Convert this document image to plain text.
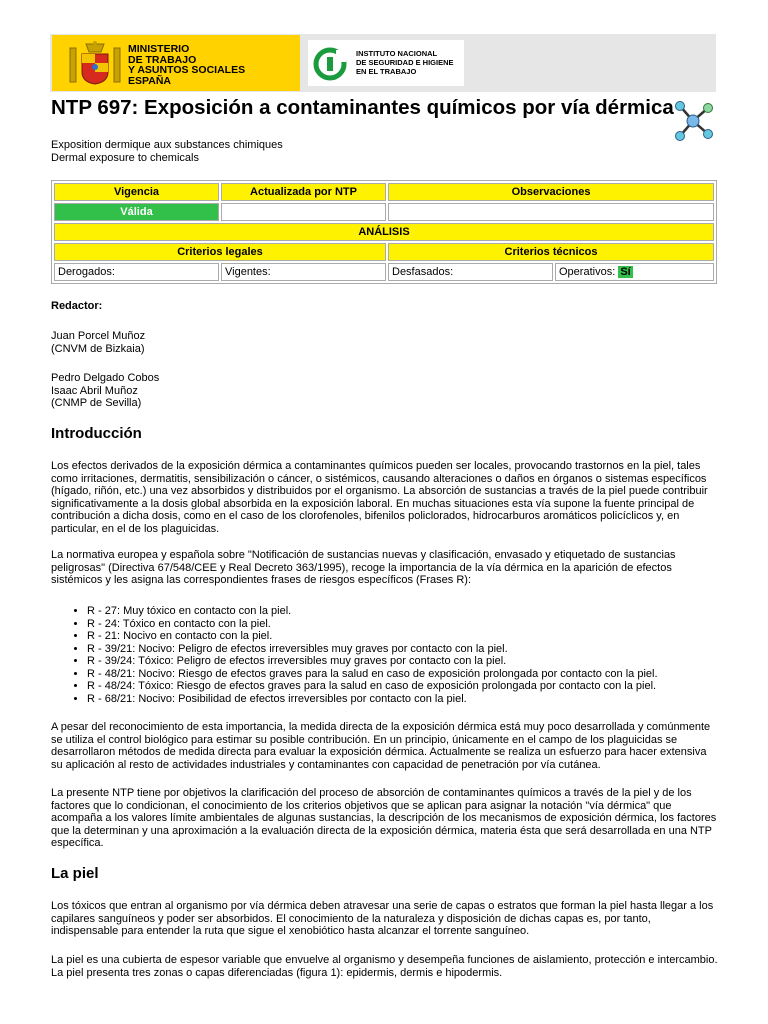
MINISTERIO
DE TRABAJO
Y ASUNTOS SOCIALES
ESPAÑA
INSTITUTO NACIONAL
DE SEGURIDAD E HIGIENE
EN EL TRABAJO
NTP 697: Exposición a contaminantes químicos por vía dérmica
Exposition dermique aux substances chimiques
Dermal exposure to chemicals
Vigencia	Actualizada por NTP	Observaciones	
Válida			
ANÁLISIS			
Criterios legales		Criterios técnicos	
Derogados:	Vigentes:	Desfasados:	Operativos: Sí
Redactor:
Juan Porcel Muñoz
(CNVM de Bizkaia)
Pedro Delgado Cobos
Isaac Abril Muñoz
(CNMP de Sevilla)
Introducción
Los efectos derivados de la exposición dérmica a contaminantes químicos pueden ser locales, provocando trastornos en la piel, tales como irritaciones, dermatitis, sensibilización o cáncer, o sistémicos, causando alteraciones o daños en órganos o sistemas específicos (hígado, riñón, etc.) una vez absorbidos y distribuidos por el organismo. La absorción de sustancias a través de la piel puede contribuir significativamente a la dosis global absorbida en la exposición laboral. En muchas situaciones esta vía supone la fuente principal de contribución a dicha dosis, como en el caso de los clorofenoles, bifenilos policlorados, hidrocarburos aromáticos policíclicos y, en particular, en el de los plaguicidas.
La normativa europea y española sobre "Notificación de sustancias nuevas y clasificación, envasado y etiquetado de sustancias peligrosas" (Directiva 67/548/CEE y Real Decreto 363/1995), recoge la importancia de la vía dérmica en la aparición de efectos sistémicos y les asigna las correspondientes frases de riesgos específicos (Frases R):
• R - 27: Muy tóxico en contacto con la piel.
• R - 24: Tóxico en contacto con la piel.
• R - 21: Nocivo en contacto con la piel.
• R - 39/21: Nocivo: Peligro de efectos irreversibles muy graves por contacto con la piel.
• R - 39/24: Tóxico: Peligro de efectos irreversibles muy graves por contacto con la piel.
• R - 48/21: Nocivo: Riesgo de efectos graves para la salud en caso de exposición prolongada por contacto con la piel.
• R - 48/24: Tóxico: Riesgo de efectos graves para la salud en caso de exposición prolongada por contacto con la piel.
• R - 68/21: Nocivo: Posibilidad de efectos irreversibles por contacto con la piel.
A pesar del reconocimiento de esta importancia, la medida directa de la exposición dérmica está muy poco desarrollada y comúnmente se utiliza el control biológico para estimar su posible contribución. En un principio, únicamente en el campo de los plaguicidas se desarrollaron métodos de medida directa para evaluar la exposición dérmica. Actualmente se realiza un esfuerzo para hacer extensiva su aplicación al resto de actividades industriales y contaminantes con capacidad de penetración por vía cutánea.
La presente NTP tiene por objetivos la clarificación del proceso de absorción de contaminantes químicos a través de la piel y de los factores que lo condicionan, el conocimiento de los criterios objetivos que se aplican para asignar la notación "vía dérmica" que acompaña a los valores límite ambientales de algunas sustancias, la descripción de los mecanismos de exposición dérmica, los factores que la determinan y una aproximación a la evaluación directa de la exposición dérmica, materia ésta que será desarrollada en una NTP específica.
La piel
Los tóxicos que entran al organismo por vía dérmica deben atravesar una serie de capas o estratos que forman la piel hasta llegar a los capilares sanguíneos y poder ser absorbidos. El conocimiento de la naturaleza y disposición de dichas capas es, por tanto, indispensable para entender la ruta que sigue el xenobiótico hasta alcanzar el torrente sanguíneo.
La piel es una cubierta de espesor variable que envuelve al organismo y desempeña funciones de aislamiento, protección e intercambio. La piel presenta tres zonas o capas diferenciadas (figura 1): epidermis, dermis e hipodermis.
